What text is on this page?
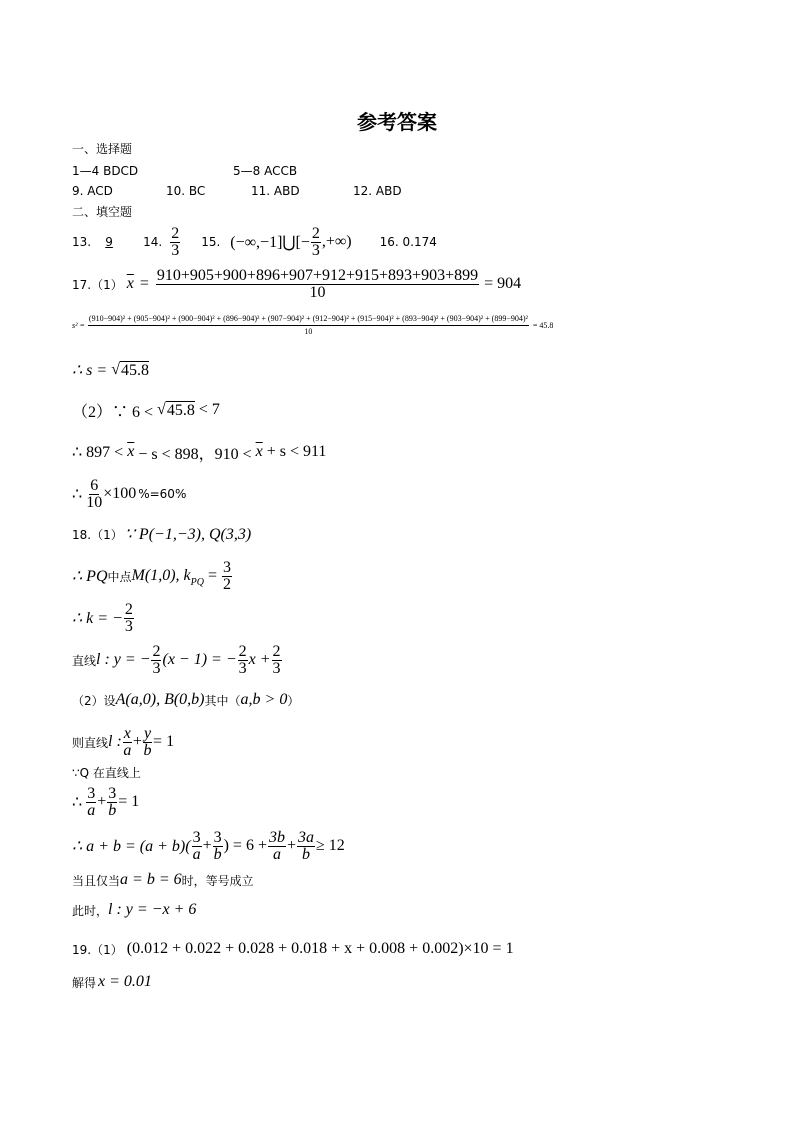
参考答案
一、选择题
1—4 BDCD	5—8 ACCB
9. ACD	10. BC	11. ABD	12. ABD
二、填空题
13.	9	14. $\frac{2}{3} 15$. (−∞,−1]⋃[− $\frac{2}{3}$ ,+∞) 16. 0.174
17.（1） $\overline{x} = \frac{910+905+900+896+907+912+915+893+903+899}{10} = 904$
s² =
(910−904)² + (905−904)² + (900−904)² + (896−904)² + (907−904)² + (912−904)² + (915−904)² + (893−904)² + (903−904)² + (899−904)²
10
= 45.8
∴ s = √ 45.8
（2）∵ 6 < √ 45.8 < 7
∴ $897 < \overline{x} - s < 898$，$910 < \overline{x} + s < 911$
∴ $\frac{6}{10} \times 100$ %=60%
18.（1） ∵ P(−1,−3), Q(3,3)
∴ PQ 中点 M(1,0), k PQ = $\frac{3}{2}$
∴ k = − $\frac{2}{3}$
直线 l : y = − $\frac{2}{3} (x - 1)$ = − $\frac{2}{3}$ $x + \frac{2}{3}$
（2）设 A(a,0), B(0,b) 其中（ a,b > 0 ）
则直线 l : $\frac{x}{a} + \frac{y}{b} = 1$
∵Q 在直线上
∴ $\frac{3}{a} + \frac{3}{b} = 1$
∴ $a + b = (a + b)( \frac{3}{a} + \frac{3}{b}$ ) = $6 + \frac{3b}{a} + \frac{3a}{b} \ge 12$
当且仅当 a = b = 6 时，等号成立
此时， l : y = −x + 6
19.（1） (0.012 + 0.022 + 0.028 + 0.018 + x + 0.008 + 0.002)×10 = 1
解得 x = 0.01
